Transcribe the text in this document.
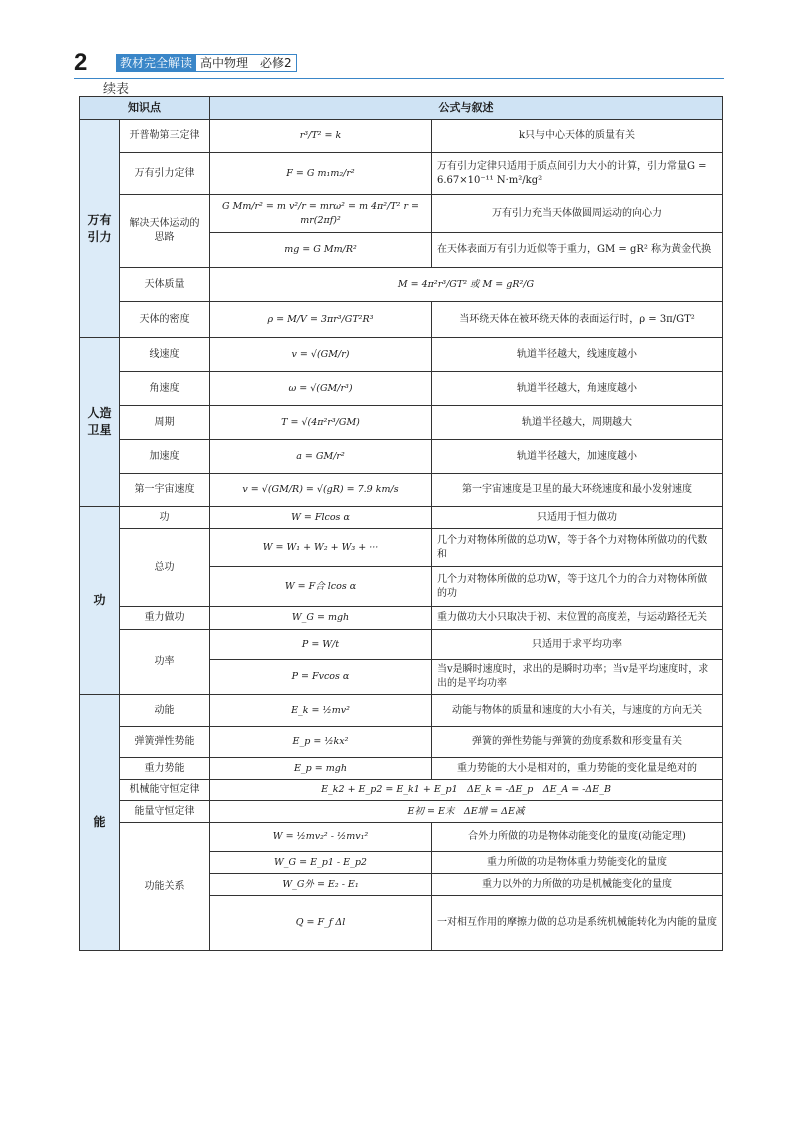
2	教材完全解读 高中物理　必修2
续表
知识点		公式与叙述	
万有
引力	开普勒第三定律	r³/T² = k	k只与中心天体的质量有关
	万有引力定律	F = G m₁m₂/r²	万有引力定律只适用于质点间引力大小的计算，引力常量G = 6.67×10⁻¹¹ N·m²/kg²
	解决天体运动的思路	G Mm/r² = m v²/r = mrω² = m 4π²/T² r = mr(2πf)²	万有引力充当天体做圆周运动的向心力
		mg = G Mm/R²	在天体表面万有引力近似等于重力，GM = gR² 称为黄金代换
	天体质量	M = 4π²r³/GT² 或 M = gR²/G	
	天体的密度	ρ = M/V = 3πr³/GT²R³	当环绕天体在被环绕天体的表面运行时，ρ = 3π/GT²
人造
卫星	线速度	v = √(GM/r)	轨道半径越大，线速度越小
	角速度	ω = √(GM/r³)	轨道半径越大，角速度越小
	周期	T = √(4π²r³/GM)	轨道半径越大，周期越大
	加速度	a = GM/r²	轨道半径越大，加速度越小
	第一宇宙速度	v = √(GM/R) = √(gR) = 7.9 km/s	第一宇宙速度是卫星的最大环绕速度和最小发射速度
功	功	W = Flcos α	只适用于恒力做功
	总功	W = W₁ + W₂ + W₃ + ···	几个力对物体所做的总功W，等于各个力对物体所做功的代数和
		W = F合 lcos α	几个力对物体所做的总功W，等于这几个力的合力对物体所做的功
	重力做功	W_G = mgh	重力做功大小只取决于初、末位置的高度差，与运动路径无关
	功率	P = W/t	只适用于求平均功率
		P = Fvcos α	当v是瞬时速度时，求出的是瞬时功率；当v是平均速度时，求出的是平均功率
能	动能	E_k = ½mv²	动能与物体的质量和速度的大小有关，与速度的方向无关
	弹簧弹性势能	E_p = ½kx²	弹簧的弹性势能与弹簧的劲度系数和形变量有关
	重力势能	E_p = mgh	重力势能的大小是相对的，重力势能的变化量是绝对的
	机械能守恒定律	E_k2 + E_p2 = E_k1 + E_p1　ΔE_k = -ΔE_p　ΔE_A = -ΔE_B	
	能量守恒定律	E初 = E末　ΔE增 = ΔE减	
	功能关系	W = ½mv₂² - ½mv₁²	合外力所做的功是物体动能变化的量度(动能定理)
		W_G = E_p1 - E_p2	重力所做的功是物体重力势能变化的量度
		W_G外 = E₂ - E₁	重力以外的力所做的功是机械能变化的量度
		Q = F_f Δl	一对相互作用的摩擦力做的总功是系统机械能转化为内能的量度
